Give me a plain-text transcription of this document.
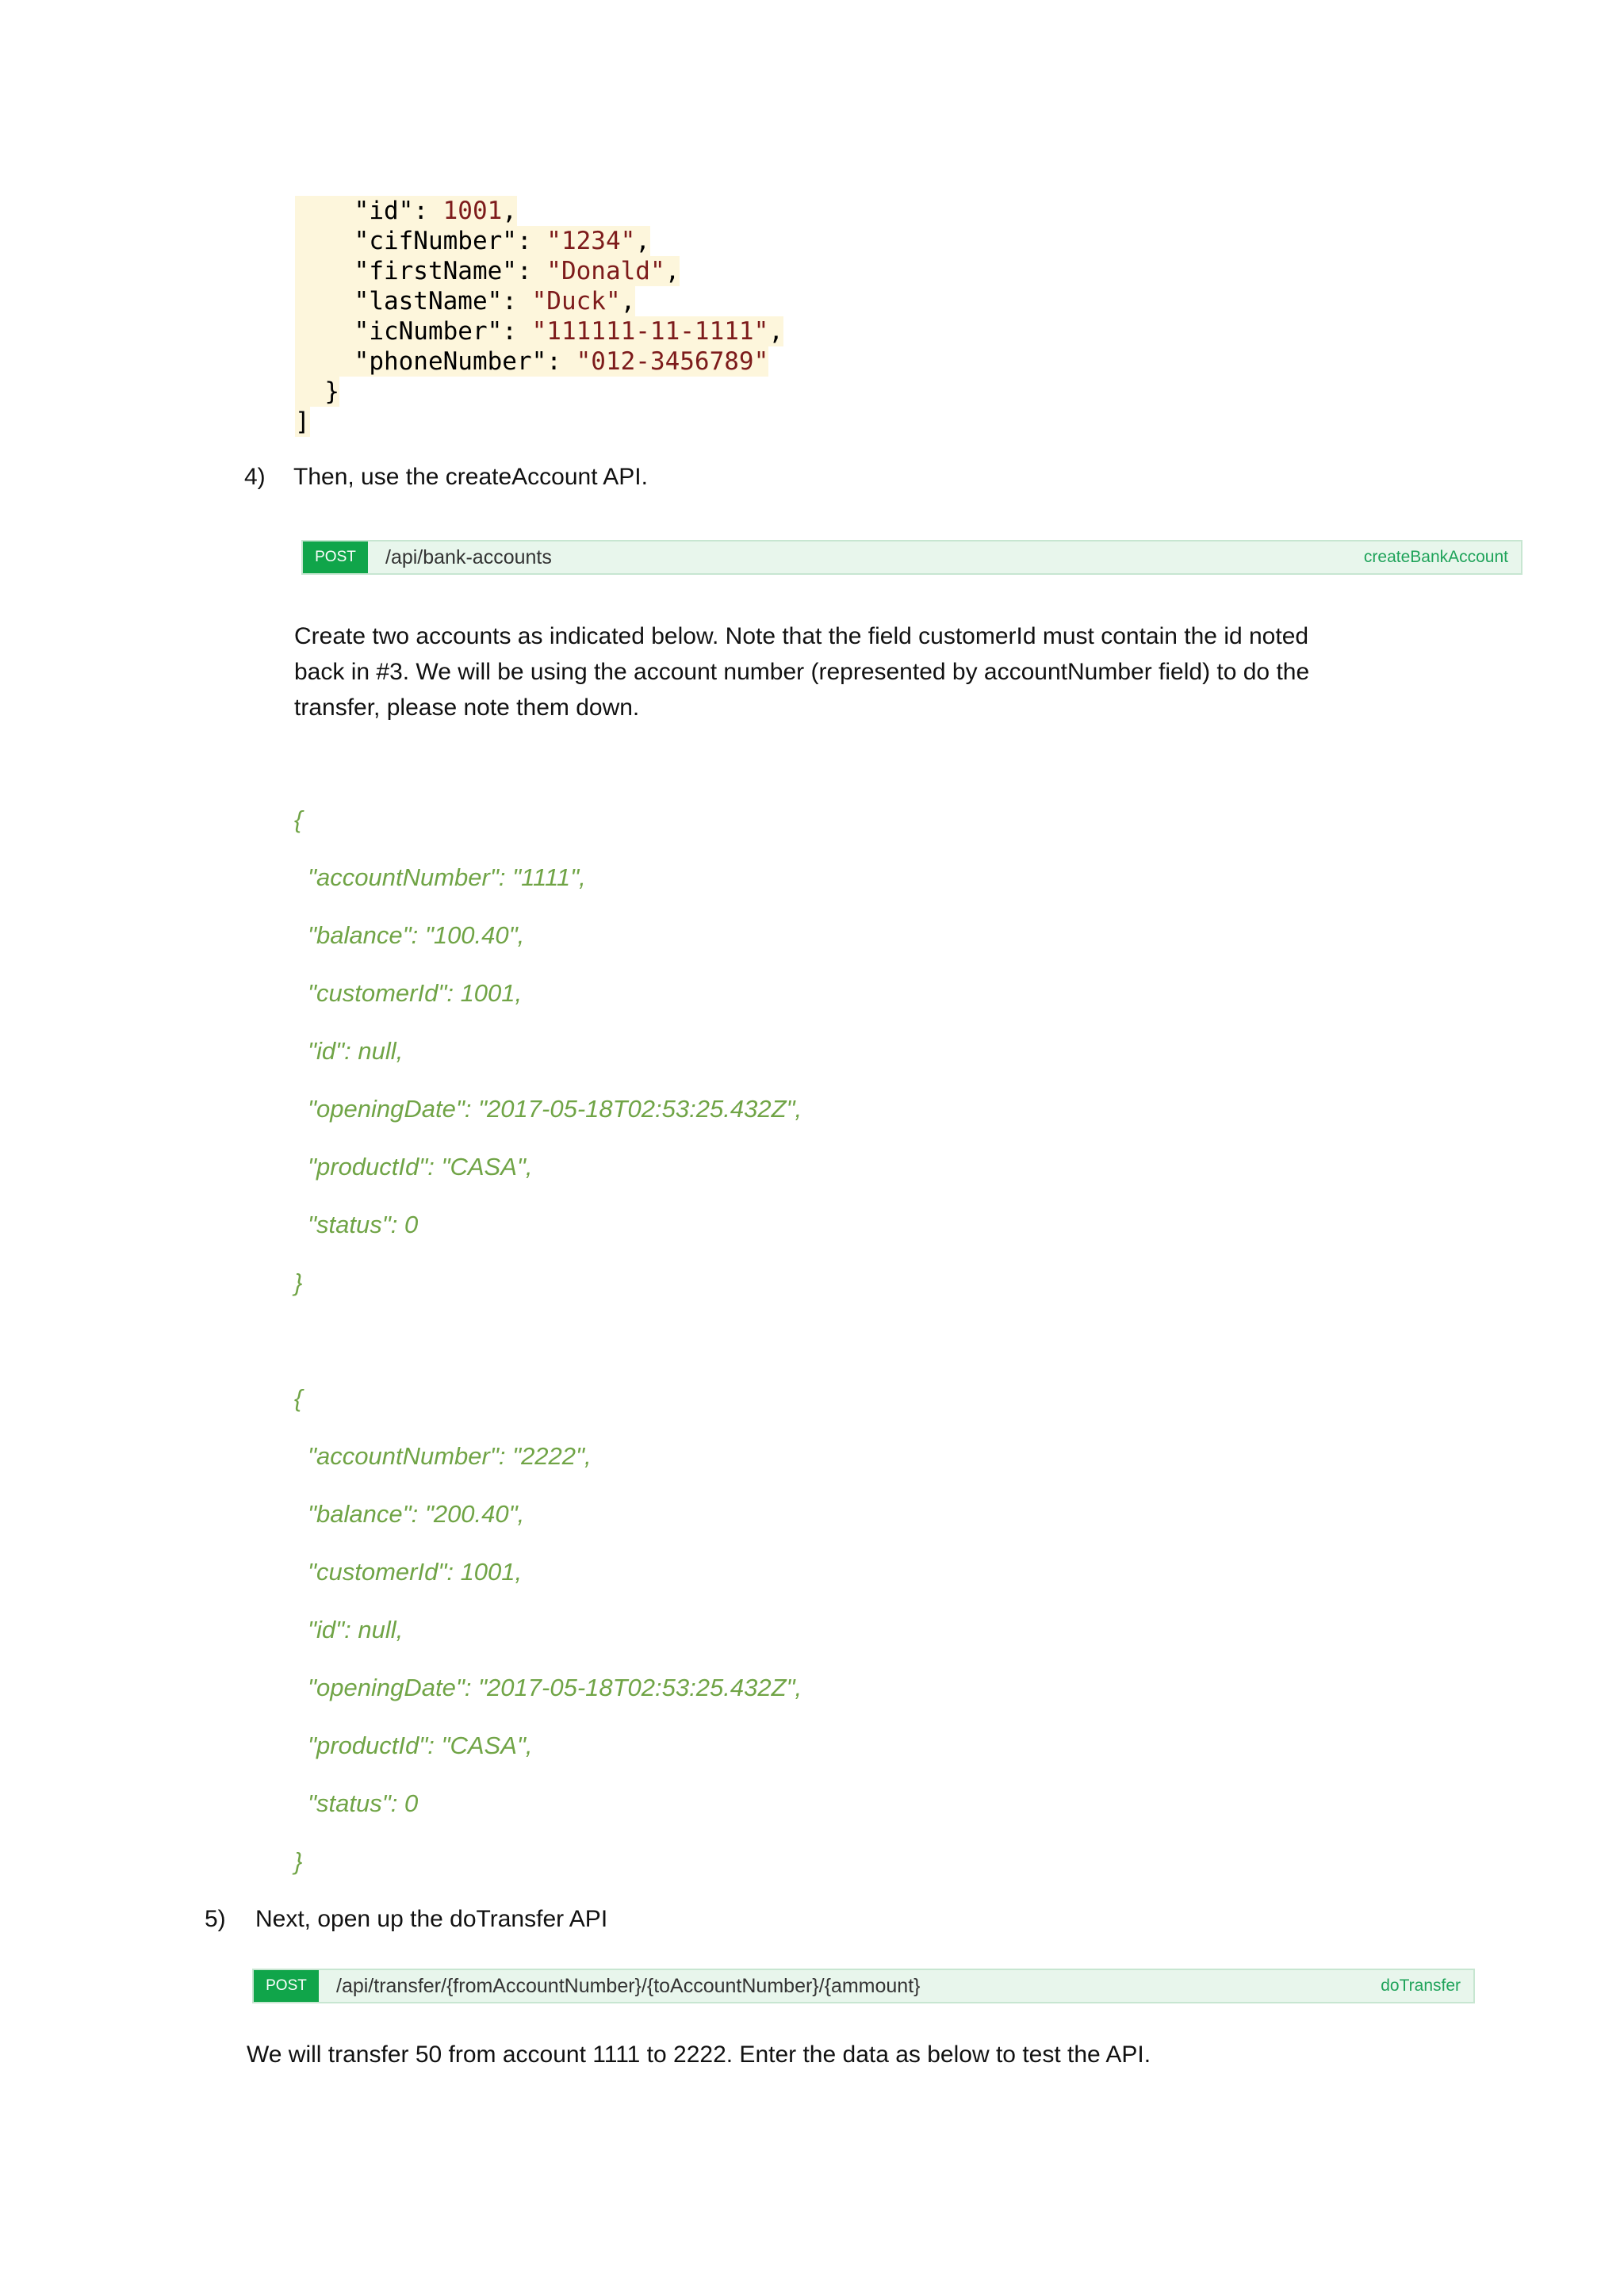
"id": 1001,
"cifNumber": "1234",
"firstName": "Donald",
"lastName": "Duck",
"icNumber": "111111-11-1111",
"phoneNumber": "012-3456789"
}
]
4) Then, use the createAccount API.
POST	/api/bank-accounts	createBankAccount
Create two accounts as indicated below. Note that the field customerId must contain the id noted
back in #3. We will be using the account number (represented by accountNumber field) to do the
transfer, please note them down.
{
"accountNumber": "1111",
"balance": "100.40",
"customerId": 1001,
"id": null,
"openingDate": "2017-05-18T02:53:25.432Z",
"productId": "CASA",
"status": 0
}
{
"accountNumber": "2222",
"balance": "200.40",
"customerId": 1001,
"id": null,
"openingDate": "2017-05-18T02:53:25.432Z",
"productId": "CASA",
"status": 0
}
5) Next, open up the doTransfer API
POST	/api/transfer/{fromAccountNumber}/{toAccountNumber}/{ammount}	doTransfer
We will transfer 50 from account 1111 to 2222. Enter the data as below to test the API.
